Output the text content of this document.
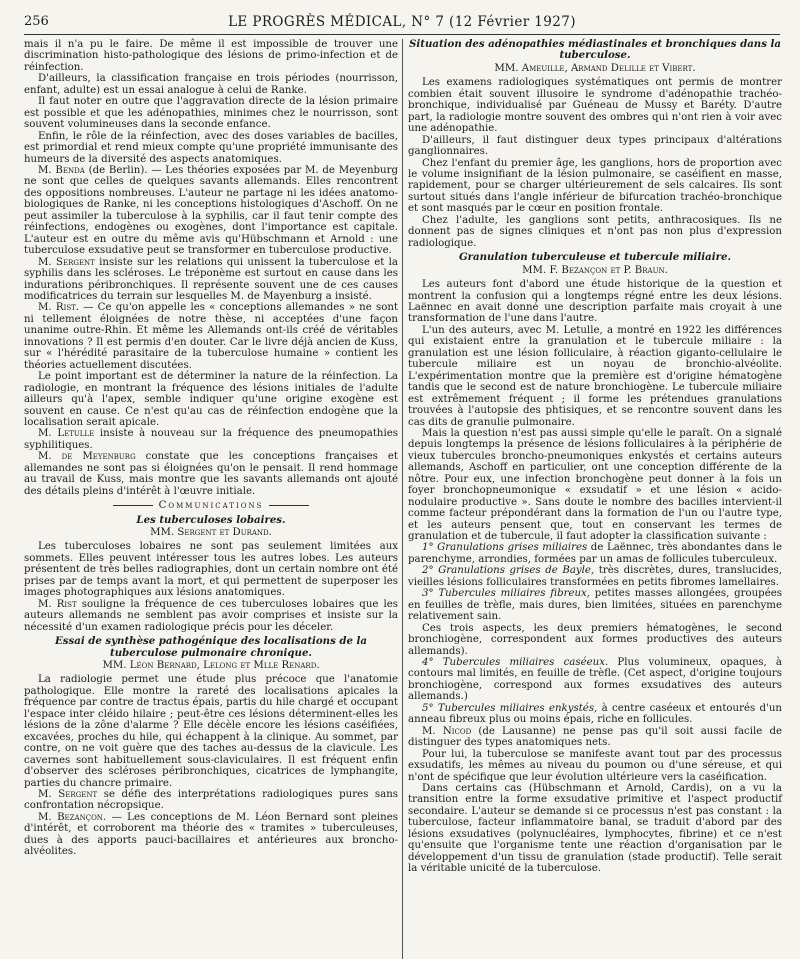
256	LE PROGRÈS MÉDICAL, N° 7 (12 Février 1927)

mais il n'a pu le faire. De même il est impossible de trouver une discrimination histo-pathologique des lésions de primo-infection et de réinfection.

D'ailleurs, la classification française en trois périodes (nourrisson, enfant, adulte) est un essai analogue à celui de Ranke.

Il faut noter en outre que l'aggravation directe de la lésion primaire est possible et que les adénopathies, minimes chez le nourrisson, sont souvent volumineuses dans la seconde enfance.

Enfin, le rôle de la réinfection, avec des doses variables de bacilles, est primordial et rend mieux compte qu'une propriété immunisante des humeurs de la diversité des aspects anatomiques.

M. Benda (de Berlin). — Les théories exposées par M. de Meyenburg ne sont que celles de quelques savants allemands. Elles rencontrent des oppositions nombreuses. L'auteur ne partage ni les idées anatomo-biologiques de Ranke, ni les conceptions histologiques d'Aschoff. On ne peut assimiler la tuberculose à la syphilis, car il faut tenir compte des réinfections, endogènes ou exogènes, dont l'importance est capitale. L'auteur est en outre du même avis qu'Hübschmann et Arnold : une tuberculose exsudative peut se transformer en tuberculose productive.

M. Sergent insiste sur les relations qui unissent la tuberculose et la syphilis dans les scléroses. Le tréponème est surtout en cause dans les indurations péribronchiques. Il représente souvent une de ces causes modificatrices du terrain sur lesquelles M. de Mayenburg a insisté.

M. Rist. — Ce qu'on appelle les « conceptions allemandes » ne sont ni tellement éloignées de notre thèse, ni acceptées d'une façon unanime outre-Rhin. Et même les Allemands ont-ils créé de véritables innovations ? Il est permis d'en douter. Car le livre déjà ancien de Kuss, sur « l'hérédité parasitaire de la tuberculose humaine » contient les théories actuellement discutées.

Le point important est de déterminer la nature de la réinfection. La radiologie, en montrant la fréquence des lésions initiales de l'adulte ailleurs qu'à l'apex, semble indiquer qu'une origine exogène est souvent en cause. Ce n'est qu'au cas de réinfection endogène que la localisation serait apicale.

M. Letulle insiste à nouveau sur la fréquence des pneumopathies syphilitiques.

M. de Meyenburg constate que les conceptions françaises et allemandes ne sont pas si éloignées qu'on le pensait. Il rend hommage au travail de Kuss, mais montre que les savants allemands ont ajouté des détails pleins d'intérêt à l'œuvre initiale.

Communications
Les tuberculoses lobaires.
MM. Sergent et Durand.

Les tuberculoses lobaires ne sont pas seulement limitées aux sommets. Elles peuvent intéresser tous les autres lobes. Les auteurs présentent de très belles radiographies, dont un certain nombre ont été prises par de temps avant la mort, et qui permettent de superposer les images photographiques aux lésions anatomiques.

M. Rist souligne la fréquence de ces tuberculoses lobaires que les auteurs allemands ne semblent pas avoir comprises et insiste sur la nécessité d'un examen radiologique précis pour les déceler.

Essai de synthèse pathogénique des localisations de la tuberculose pulmonaire chronique.
MM. Léon Bernard, Lelong et Mlle Renard.

La radiologie permet une étude plus précoce que l'anatomie pathologique. Elle montre la rareté des localisations apicales la fréquence par contre de tractus épais, partis du hile chargé et occupant l'espace inter cléido hilaire ; peut-être ces lésions déterminent-elles les lésions de la zône d'alarme ? Elle décèle encore les lésions caséifiées, excavées, proches du hile, qui échappent à la clinique. Au sommet, par contre, on ne voit guère que des taches au-dessus de la clavicule. Les cavernes sont habituellement sous-claviculaires. Il est fréquent enfin d'observer des scléroses péribronchiques, cicatrices de lymphangite, parties du chancre primaire.

M. Sergent se défie des interprétations radiologiques pures sans confrontation nécropsique.

M. Bezançon. — Les conceptions de M. Léon Bernard sont pleines d'intérêt, et corroborent ma théorie des « tramites » tuberculeuses, dues à des apports pauci-bacillaires et antérieures aux broncho-alvéolites.

Situation des adénopathies médiastinales et bronchiques dans la tuberculose.
MM. Ameuille, Armand Delille et Vibert.

Les examens radiologiques systématiques ont permis de montrer combien était souvent illusoire le syndrome d'adénopathie trachéo-bronchique, individualisé par Guéneau de Mussy et Baréty. D'autre part, la radiologie montre souvent des ombres qui n'ont rien à voir avec une adénopathie.

D'ailleurs, il faut distinguer deux types principaux d'altérations ganglionnaires.

Chez l'enfant du premier âge, les ganglions, hors de proportion avec le volume insignifiant de la lésion pulmonaire, se caséifient en masse, rapidement, pour se charger ultérieurement de sels calcaires. Ils sont surtout situés dans l'angle inférieur de bifurcation trachéo-bronchique et sont masqués par le cœur en position frontale.

Chez l'adulte, les ganglions sont petits, anthracosiques. Ils ne donnent pas de signes cliniques et n'ont pas non plus d'expression radiologique.

Granulation tuberculeuse et tubercule miliaire.
MM. F. Bezançon et P. Braun.

Les auteurs font d'abord une étude historique de la question et montrent la confusion qui a longtemps régné entre les deux lésions. Laënnec en avait donné une description parfaite mais croyait à une transformation de l'une dans l'autre.

L'un des auteurs, avec M. Letulle, a montré en 1922 les différences qui existaient entre la granulation et le tubercule miliaire : la granulation est une lésion folliculaire, à réaction giganto-cellulaire le tubercule miliaire est un noyau de bronchio-alvéolite. L'expérimentation montre que la première est d'origine hématogène tandis que le second est de nature bronchiogène. Le tubercule miliaire est extrêmement fréquent ; il forme les prétendues granulations trouvées à l'autopsie des phtisiques, et se rencontre souvent dans les cas dits de granulie pulmonaire.

Mais la question n'est pas aussi simple qu'elle le paraît. On a signalé depuis longtemps la présence de lésions folliculaires à la périphérie de vieux tubercules broncho-pneumoniques enkystés et certains auteurs allemands, Aschoff en particulier, ont une conception différente de la nôtre. Pour eux, une infection bronchogène peut donner à la fois un foyer bronchopneumonique « exsudatif » et une lésion « acido-nodulaire productive ». Sans doute le nombre des bacilles intervient-il comme facteur prépondérant dans la formation de l'un ou l'autre type, et les auteurs pensent que, tout en conservant les termes de granulation et de tubercule, il faut adopter la classification suivante :

1° Granulations grises miliaires de Laënnec, très abondantes dans le parenchyme, arrondies, formées par un amas de follicules tuberculeux.

2° Granulations grises de Bayle, très discrètes, dures, translucides, vieilles lésions folliculaires transformées en petits fibromes lamellaires.

3° Tubercules miliaires fibreux, petites masses allongées, groupées en feuilles de trèfle, mais dures, bien limitées, situées en parenchyme relativement sain.

Ces trois aspects, les deux premiers hématogènes, le second bronchiogène, correspondent aux formes productives des auteurs allemands).

4° Tubercules miliaires caséeux. Plus volumineux, opaques, à contours mal limités, en feuille de trèfle. (Cet aspect, d'origine toujours bronchiogène, correspond aux formes exsudatives des auteurs allemands.)

5° Tubercules miliaires enkystés, à centre caséeux et entourés d'un anneau fibreux plus ou moins épais, riche en follicules.

M. Nicod (de Lausanne) ne pense pas qu'il soit aussi facile de distinguer des types anatomiques nets.

Pour lui, la tuberculose se manifeste avant tout par des processus exsudatifs, les mêmes au niveau du poumon ou d'une séreuse, et qui n'ont de spécifique que leur évolution ultérieure vers la caséification.

Dans certains cas (Hübschmann et Arnold, Cardis), on a vu la transition entre la forme exsudative primitive et l'aspect productif secondaire. L'auteur se demande si ce processus n'est pas constant : la tuberculose, facteur inflammatoire banal, se traduit d'abord par des lésions exsudatives (polynucléaires, lymphocytes, fibrine) et ce n'est qu'ensuite que l'organisme tente une réaction d'organisation par le développement d'un tissu de granulation (stade productif). Telle serait la véritable unicité de la tuberculose.
